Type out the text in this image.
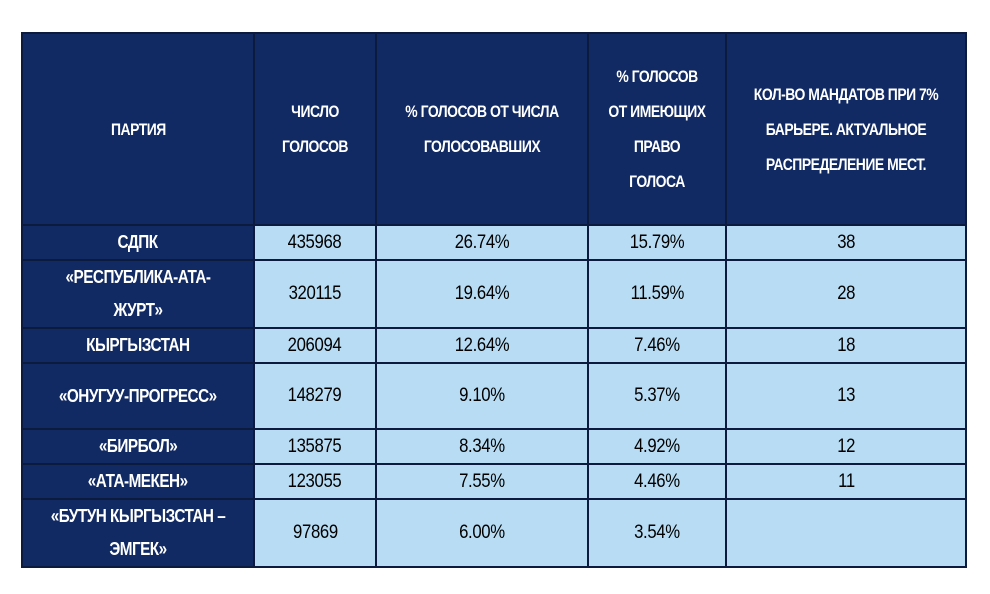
ПАРТИЯ	ЧИСЛО ГОЛОСОВ	% ГОЛОСОВ ОТ ЧИСЛА ГОЛОСОВАВШИХ	% ГОЛОСОВ ОТ ИМЕЮЩИХ ПРАВО ГОЛОСА	КОЛ-ВО МАНДАТОВ ПРИ 7% БАРЬЕРЕ. АКТУАЛЬНОЕ РАСПРЕДЕЛЕНИЕ МЕСТ.
СДПК	435968	26.74%	15.79%	38
«РЕСПУБЛИКА-АТА-ЖУРТ»	320115	19.64%	11.59%	28
КЫРГЫЗСТАН	206094	12.64%	7.46%	18
«ОНУГУУ-ПРОГРЕСС»	148279	9.10%	5.37%	13
«БИРБОЛ»	135875	8.34%	4.92%	12
«АТА-МЕКЕН»	123055	7.55%	4.46%	11
«БУТУН КЫРГЫЗСТАН – ЭМГЕК»	97869	6.00%	3.54%	
